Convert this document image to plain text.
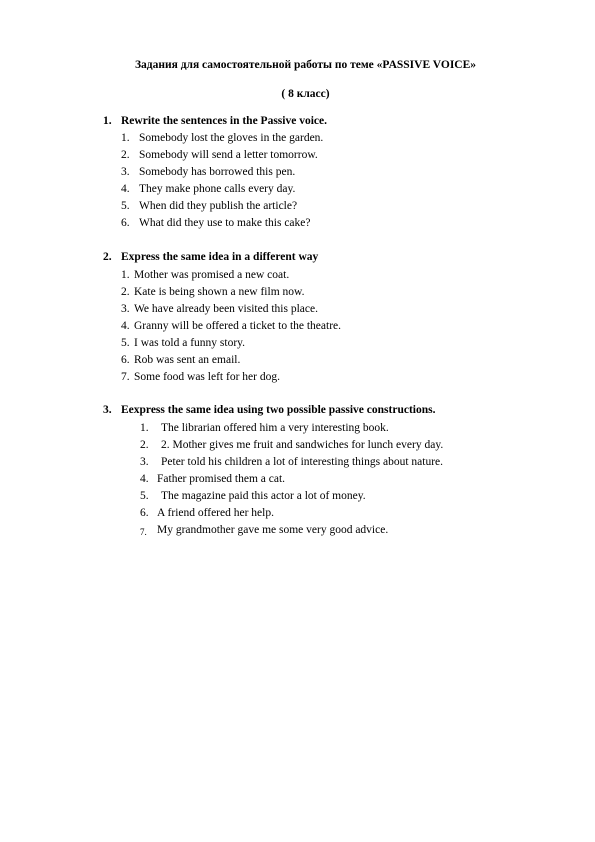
Задания для самостоятельной работы по теме «PASSIVE VOICE»
( 8 класс)
1. Rewrite the sentences in the Passive voice.
1. Somebody lost the gloves in the garden.
2. Somebody will send a letter tomorrow.
3. Somebody has borrowed this pen.
4. They make phone calls every day.
5. When did they publish the article?
6. What did they use to make this cake?
2. Express the same idea in a different way
1. Mother was promised a new coat.
2. Kate is being shown a new film now.
3. We have already been visited this place.
4. Granny will be offered a ticket to the theatre.
5. I was told a funny story.
6. Rob was sent an email.
7. Some food was left for her dog.
3. Eexpress the same idea using two possible passive constructions.
1. The librarian offered him a very interesting book.
2. 2. Mother gives me fruit and sandwiches for lunch every day.
3. Peter told his children a lot of interesting things about nature.
4. Father promised them a cat.
5. The magazine paid this actor a lot of money.
6. A friend offered her help.
7. My grandmother gave me some very good advice.
